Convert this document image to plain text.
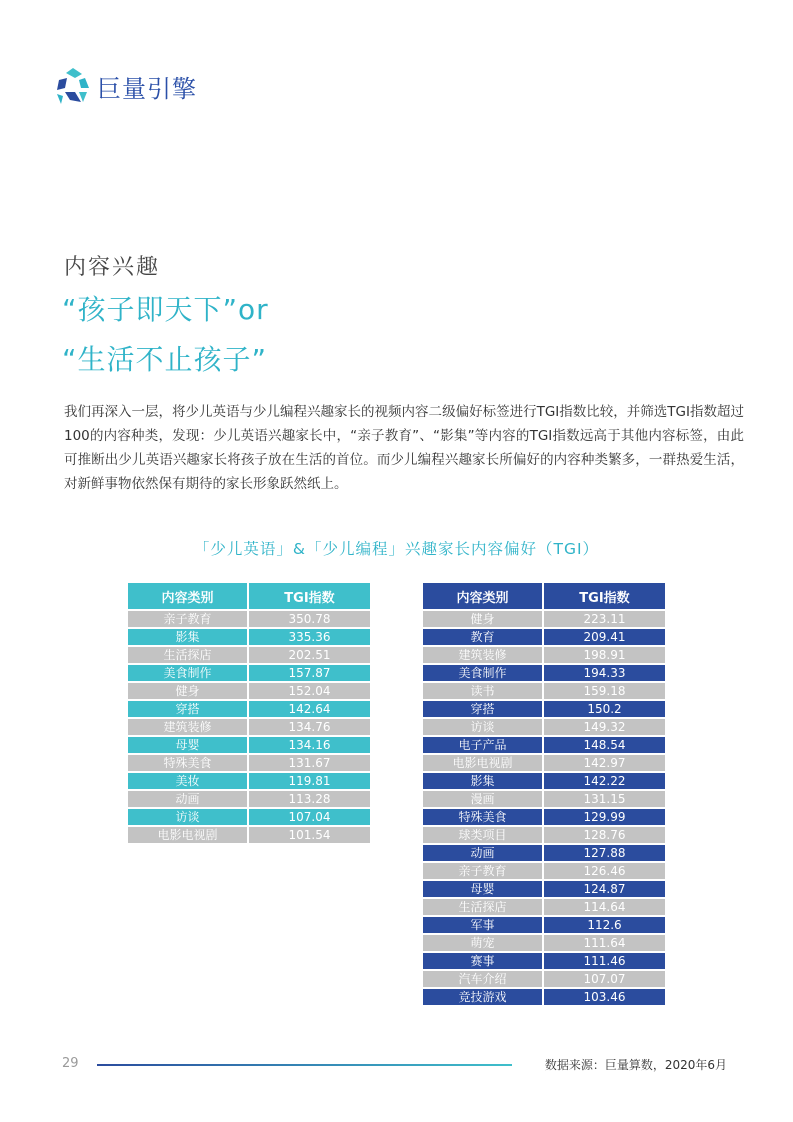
巨量引擎
内容兴趣
“孩子即天下”or
“生活不止孩子”
我们再深入一层，将少儿英语与少儿编程兴趣家长的视频内容二级偏好标签进行TGI指数比较，并筛选TGI指数超过100的内容种类，发现：少儿英语兴趣家长中，“亲子教育”、“影集”等内容的TGI指数远高于其他内容标签，由此可推断出少儿英语兴趣家长将孩子放在生活的首位。而少儿编程兴趣家长所偏好的内容种类繁多，一群热爱生活，对新鲜事物依然保有期待的家长形象跃然纸上。
「少儿英语」&「少儿编程」兴趣家长内容偏好（TGI）
内容类别	TGI指数
亲子教育	350.78
影集	335.36
生活探店	202.51
美食制作	157.87
健身	152.04
穿搭	142.64
建筑装修	134.76
母婴	134.16
特殊美食	131.67
美妆	119.81
动画	113.28
访谈	107.04
电影电视剧	101.54
内容类别	TGI指数
健身	223.11
教育	209.41
建筑装修	198.91
美食制作	194.33
读书	159.18
穿搭	150.2
访谈	149.32
电子产品	148.54
电影电视剧	142.97
影集	142.22
漫画	131.15
特殊美食	129.99
球类项目	128.76
动画	127.88
亲子教育	126.46
母婴	124.87
生活探店	114.64
军事	112.6
萌宠	111.64
赛事	111.46
汽车介绍	107.07
竞技游戏	103.46
29	数据来源：巨量算数，2020年6月
